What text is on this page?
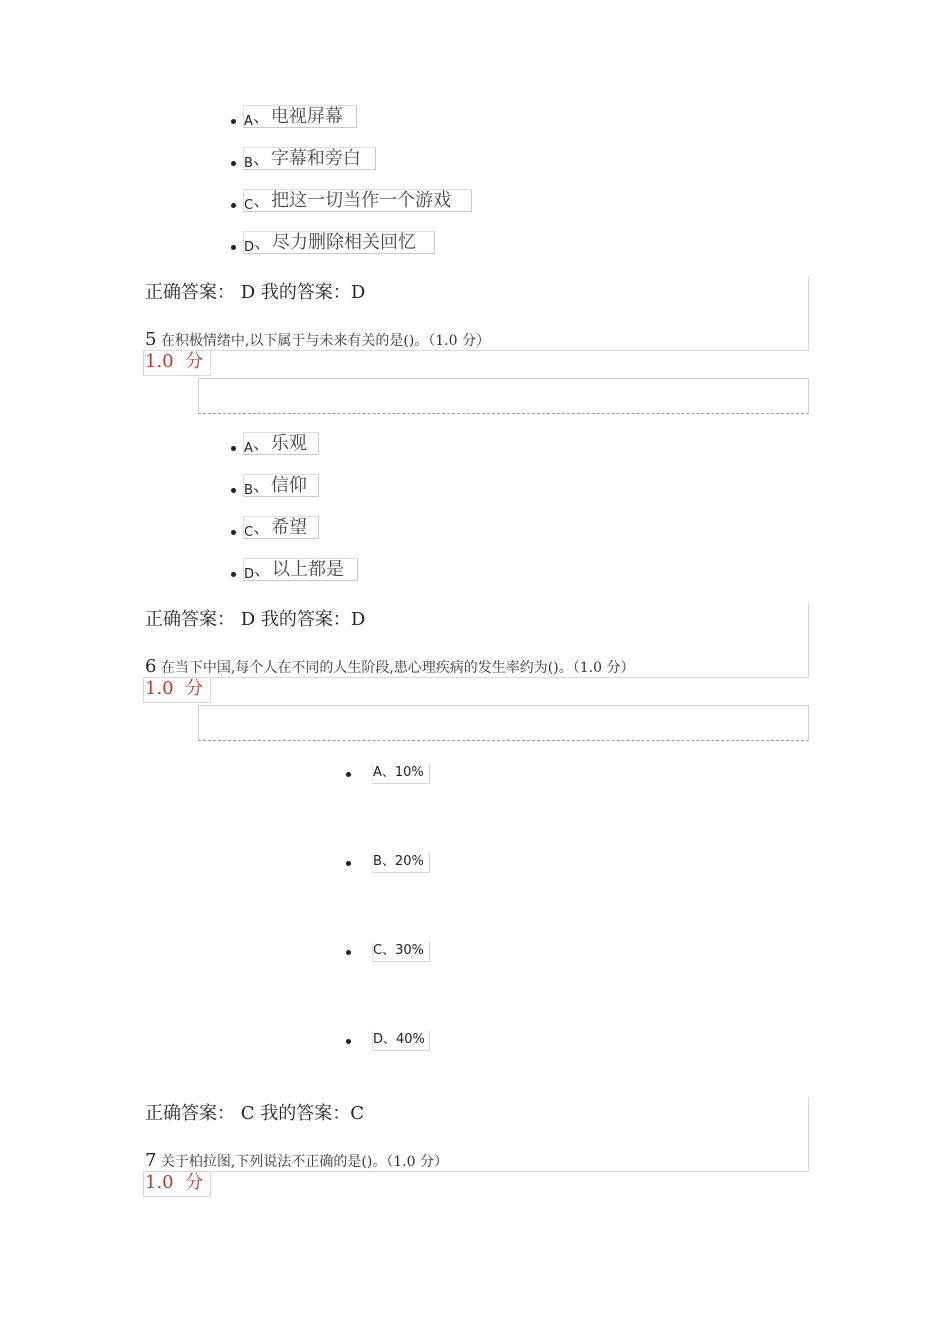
A、电视屏幕
B、字幕和旁白
C、把这一切当作一个游戏
D、尽力删除相关回忆
正确答案： D 我的答案：D
5 在积极情绪中,以下属于与未来有关的是()。（1.0 分）
1.0  分
A、乐观
B、信仰
C、希望
D、以上都是
正确答案： D 我的答案：D
6 在当下中国,每个人在不同的人生阶段,患心理疾病的发生率约为()。（1.0 分）
1.0  分
A、10%
B、20%
C、30%
D、40%
正确答案： C 我的答案：C
7 关于柏拉图,下列说法不正确的是()。（1.0 分）
1.0  分
